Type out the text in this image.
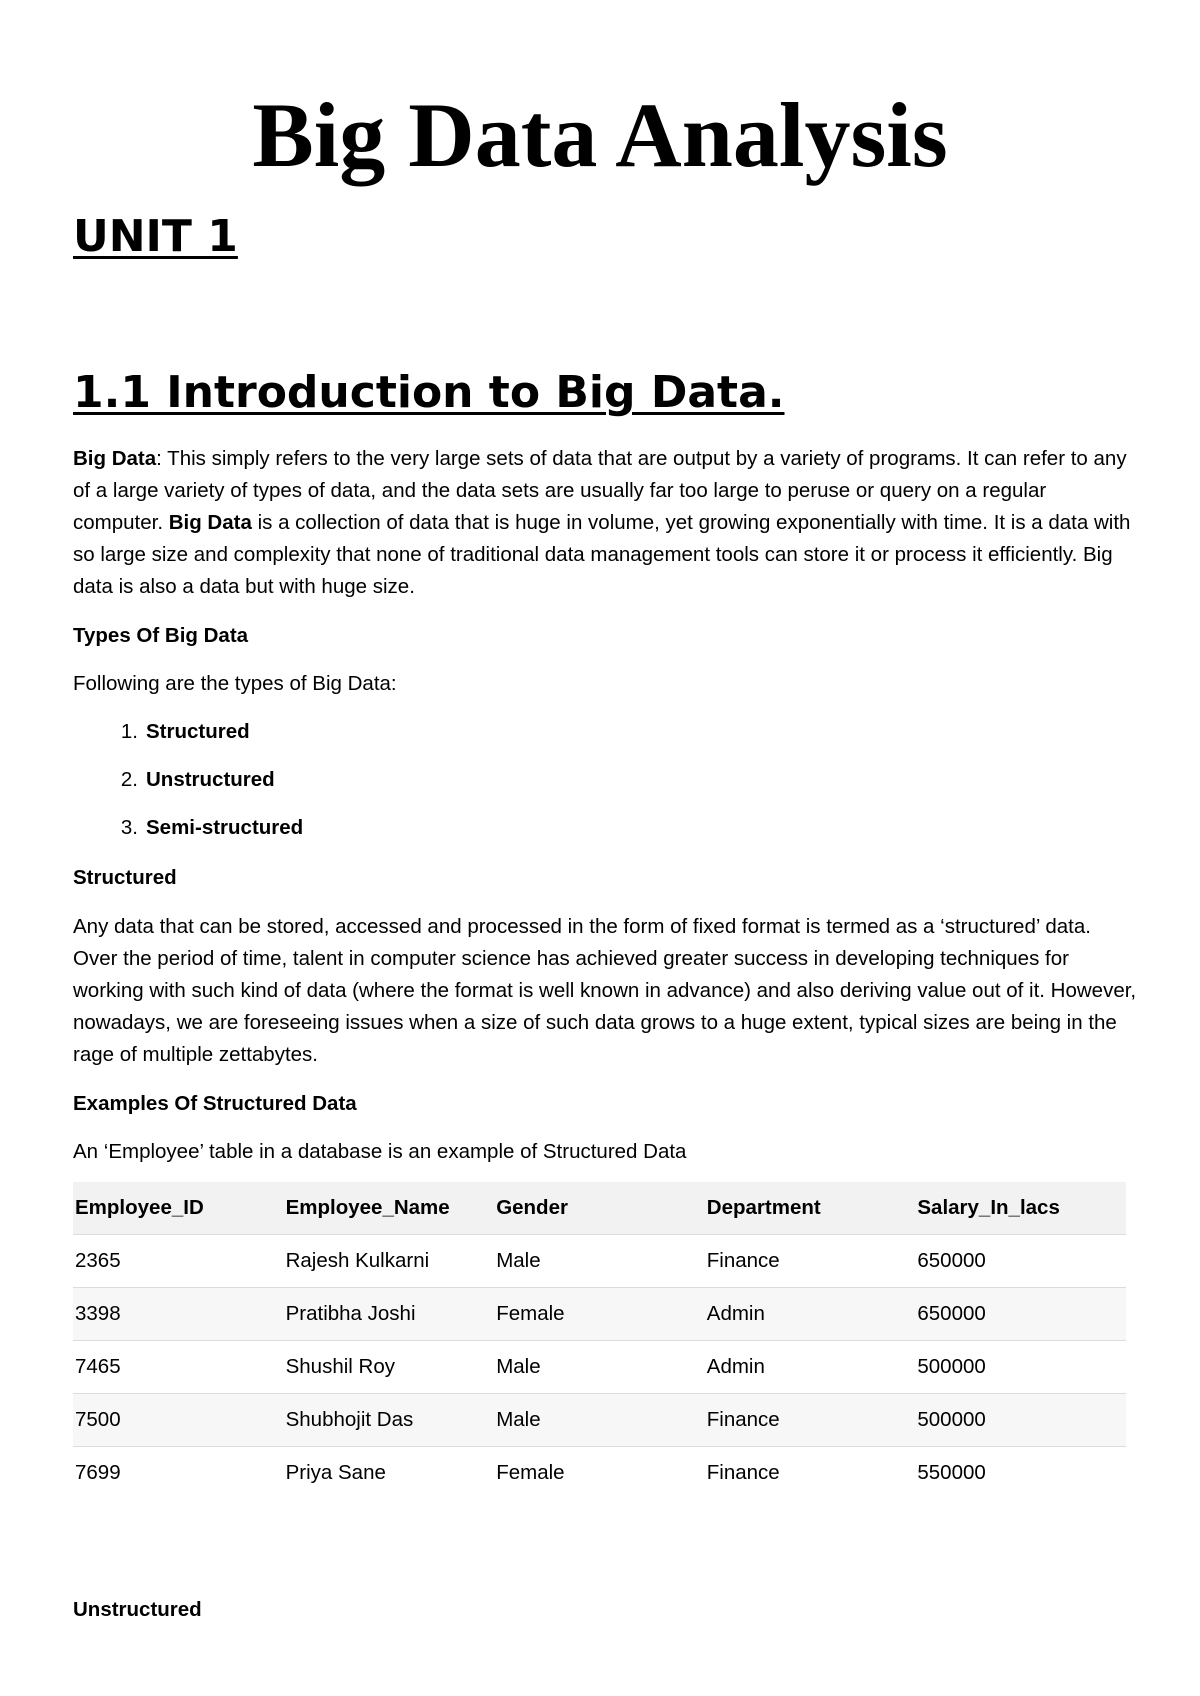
Big Data Analysis
UNIT 1
1.1 Introduction to Big Data.

Big Data: This simply refers to the very large sets of data that are output by a variety of programs. It can refer to any of a large variety of types of data, and the data sets are usually far too large to peruse or query on a regular computer. Big Data is a collection of data that is huge in volume, yet growing exponentially with time. It is a data with so large size and complexity that none of traditional data management tools can store it or process it efficiently. Big data is also a data but with huge size.

Types Of Big Data

Following are the types of Big Data:

1. Structured
2. Unstructured
3. Semi-structured

Structured

Any data that can be stored, accessed and processed in the form of fixed format is termed as a ‘structured’ data. Over the period of time, talent in computer science has achieved greater success in developing techniques for working with such kind of data (where the format is well known in advance) and also deriving value out of it. However, nowadays, we are foreseeing issues when a size of such data grows to a huge extent, typical sizes are being in the rage of multiple zettabytes.

Examples Of Structured Data

An ‘Employee’ table in a database is an example of Structured Data

Employee_ID	Employee_Name	Gender	Department	Salary_In_lacs
2365	Rajesh Kulkarni	Male	Finance	650000
3398	Pratibha Joshi	Female	Admin	650000
7465	Shushil Roy	Male	Admin	500000
7500	Shubhojit Das	Male	Finance	500000
7699	Priya Sane	Female	Finance	550000

Unstructured
